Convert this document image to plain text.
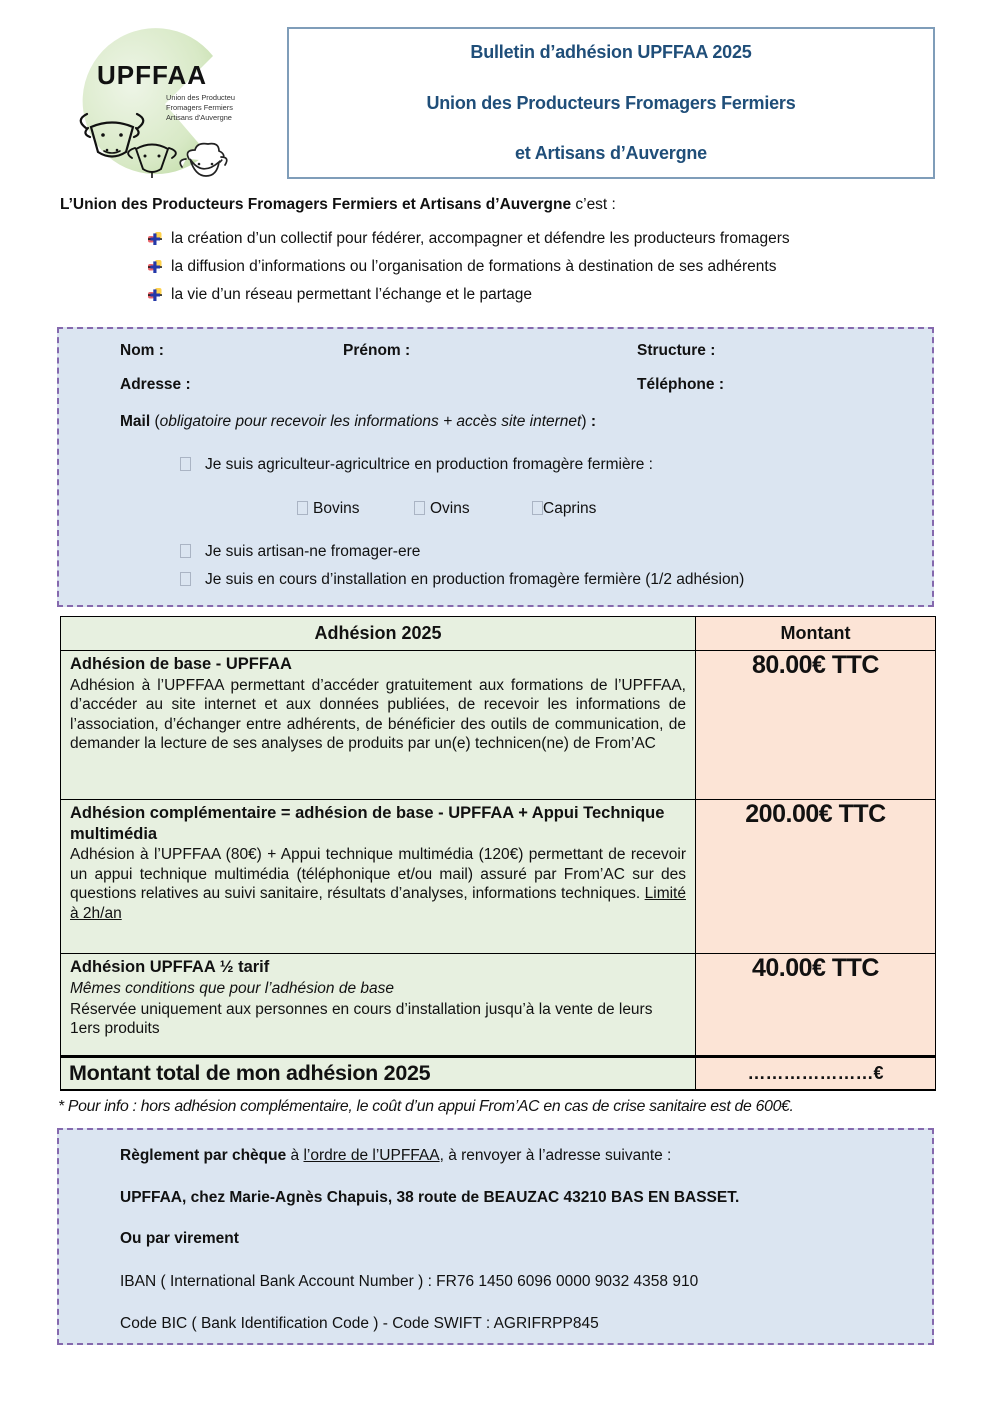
UPFFAA
Union des Producteurs
Fromagers Fermiers &
Artisans d'Auvergne
Bulletin d’adhésion UPFFAA 2025
Union des Producteurs Fromagers Fermiers
et Artisans d’Auvergne
L’Union des Producteurs Fromagers Fermiers et Artisans d’Auvergne c’est :
la création d’un collectif pour fédérer, accompagner et défendre les producteurs fromagers
la diffusion d’informations ou l’organisation de formations à destination de ses adhérents
la vie d’un réseau permettant l’échange et le partage
Nom :	Prénom :	Structure :
Adresse :	Téléphone :
Mail (obligatoire pour recevoir les informations + accès site internet) :
Je suis agriculteur-agricultrice en production fromagère fermière :
Bovins	Ovins	Caprins
Je suis artisan-ne fromager-ere
Je suis en cours d’installation en production fromagère fermière (1/2 adhésion)
Adhésion 2025	Montant

Adhésion de base - UPFFAA
Adhésion à l’UPFFAA permettant d’accéder gratuitement aux formations de l’UPFFAA, d’accéder au site internet et aux données publiées, de recevoir les informations de l’association, d’échanger entre adhérents, de bénéficier des outils de communication, de demander la lecture de ses analyses de produits par un(e) technicen(ne) de From’AC	80.00€ TTC

Adhésion complémentaire = adhésion de base - UPFFAA + Appui Technique multimédia
Adhésion à l’UPFFAA (80€) + Appui technique multimédia (120€) permettant de recevoir un appui technique multimédia (téléphonique et/ou mail) assuré par From’AC sur des questions relatives au suivi sanitaire, résultats d’analyses, informations techniques. Limité à 2h/an	200.00€ TTC

Adhésion UPFFAA ½ tarif
Mêmes conditions que pour l’adhésion de base
Réservée uniquement aux personnes en cours d’installation jusqu’à la vente de leurs 1ers produits	40.00€ TTC
Montant total de mon adhésion 2025	…………………€
* Pour info : hors adhésion complémentaire, le coût d’un appui From’AC en cas de crise sanitaire est de 600€.
Règlement par chèque à l’ordre de l’UPFFAA, à renvoyer à l’adresse suivante :
UPFFAA, chez Marie-Agnès Chapuis, 38 route de BEAUZAC 43210 BAS EN BASSET.
Ou par virement
IBAN ( International Bank Account Number ) : FR76 1450 6096 0000 9032 4358 910
Code BIC ( Bank Identification Code ) - Code SWIFT : AGRIFRPP845
